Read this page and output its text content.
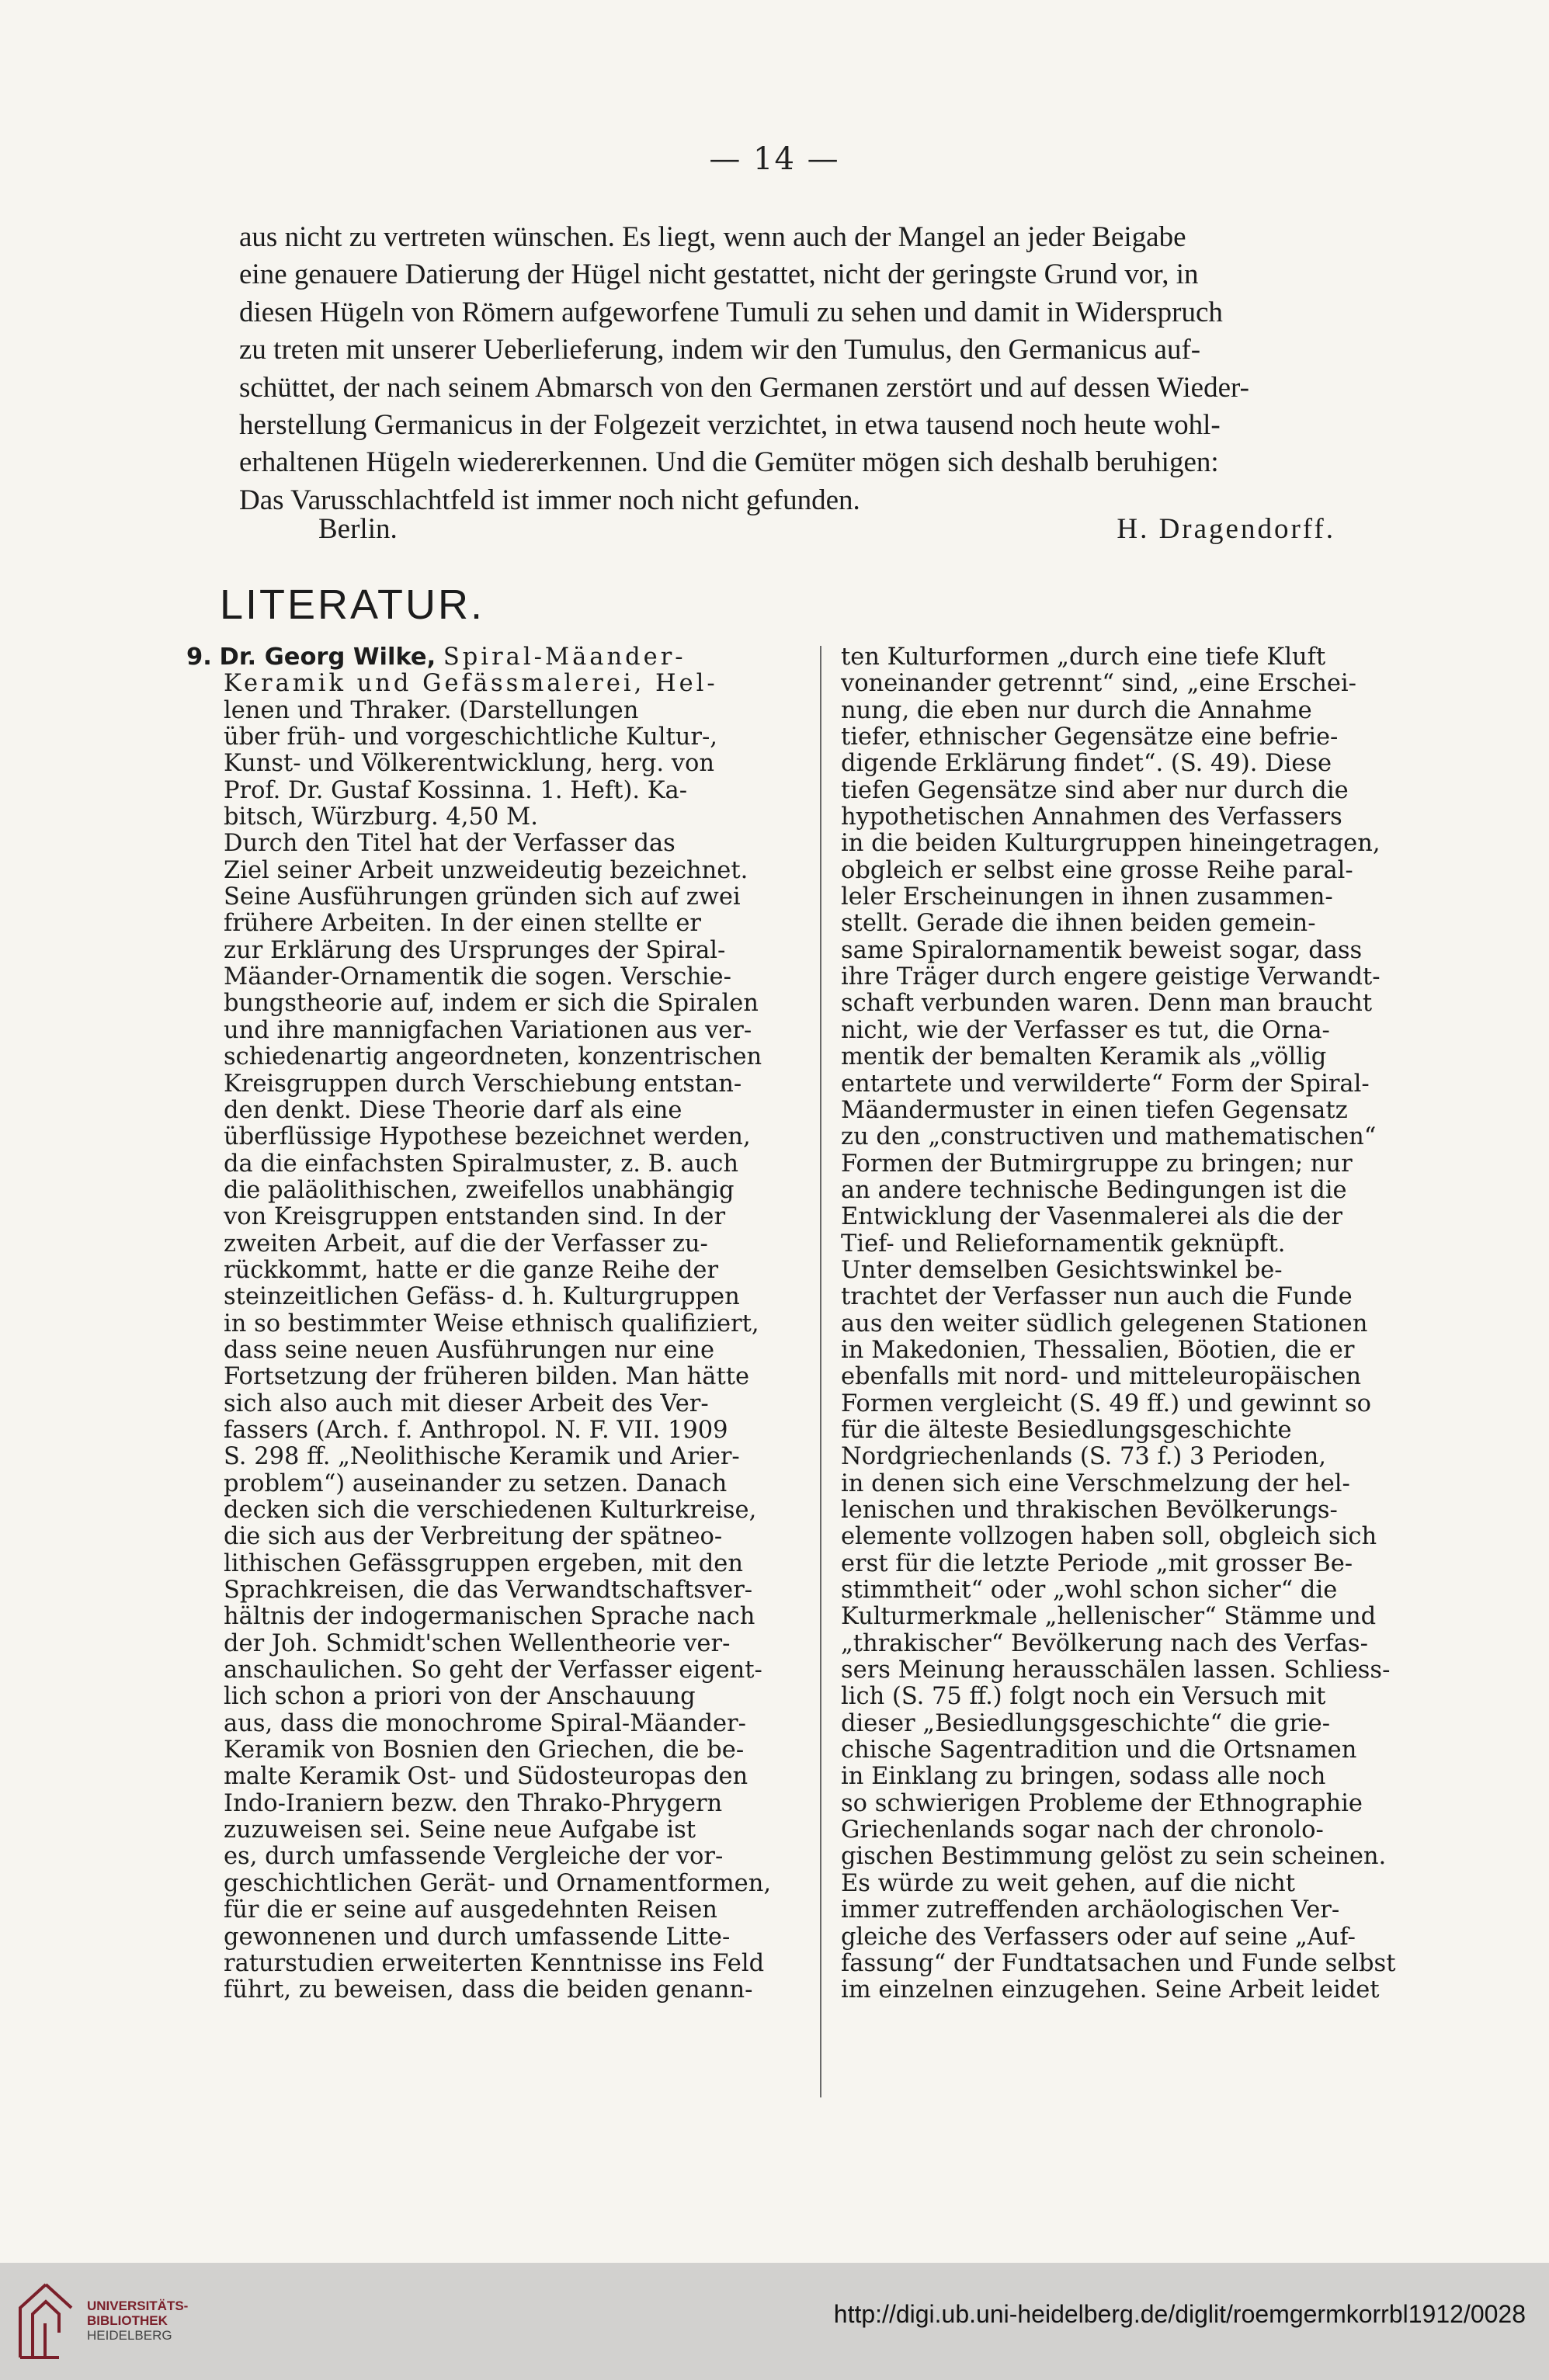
— 14 —
aus nicht zu vertreten wünschen. Es liegt, wenn auch der Mangel an jeder Beigabe
eine genauere Datierung der Hügel nicht gestattet, nicht der geringste Grund vor, in
diesen Hügeln von Römern aufgeworfene Tumuli zu sehen und damit in Widerspruch
zu treten mit unserer Ueberlieferung, indem wir den Tumulus, den Germanicus auf-
schüttet, der nach seinem Abmarsch von den Germanen zerstört und auf dessen Wieder-
herstellung Germanicus in der Folgezeit verzichtet, in etwa tausend noch heute wohl-
erhaltenen Hügeln wiedererkennen. Und die Gemüter mögen sich deshalb beruhigen:
Das Varusschlachtfeld ist immer noch nicht gefunden.
Berlin.	H. Dragendorff.
LITERATUR.
9. Dr. Georg Wilke, Spiral-Mäander-
Keramik und Gefässmalerei, Hel-
lenen und Thraker. (Darstellungen
über früh- und vorgeschichtliche Kultur-,
Kunst- und Völkerentwicklung, herg. von
Prof. Dr. Gustaf Kossinna. 1. Heft). Ka-
bitsch, Würzburg. 4,50 M.
Durch den Titel hat der Verfasser das
Ziel seiner Arbeit unzweideutig bezeichnet.
Seine Ausführungen gründen sich auf zwei
frühere Arbeiten. In der einen stellte er
zur Erklärung des Ursprunges der Spiral-
Mäander-Ornamentik die sogen. Verschie-
bungstheorie auf, indem er sich die Spiralen
und ihre mannigfachen Variationen aus ver-
schiedenartig angeordneten, konzentrischen
Kreisgruppen durch Verschiebung entstan-
den denkt. Diese Theorie darf als eine
überflüssige Hypothese bezeichnet werden,
da die einfachsten Spiralmuster, z. B. auch
die paläolithischen, zweifellos unabhängig
von Kreisgruppen entstanden sind. In der
zweiten Arbeit, auf die der Verfasser zu-
rückkommt, hatte er die ganze Reihe der
steinzeitlichen Gefäss- d. h. Kulturgruppen
in so bestimmter Weise ethnisch qualifiziert,
dass seine neuen Ausführungen nur eine
Fortsetzung der früheren bilden. Man hätte
sich also auch mit dieser Arbeit des Ver-
fassers (Arch. f. Anthropol. N. F. VII. 1909
S. 298 ff. „Neolithische Keramik und Arier-
problem“) auseinander zu setzen. Danach
decken sich die verschiedenen Kulturkreise,
die sich aus der Verbreitung der spätneo-
lithischen Gefässgruppen ergeben, mit den
Sprachkreisen, die das Verwandtschaftsver-
hältnis der indogermanischen Sprache nach
der Joh. Schmidt'schen Wellentheorie ver-
anschaulichen. So geht der Verfasser eigent-
lich schon a priori von der Anschauung
aus, dass die monochrome Spiral-Mäander-
Keramik von Bosnien den Griechen, die be-
malte Keramik Ost- und Südosteuropas den
Indo-Iraniern bezw. den Thrako-Phrygern
zuzuweisen sei. Seine neue Aufgabe ist
es, durch umfassende Vergleiche der vor-
geschichtlichen Gerät- und Ornamentformen,
für die er seine auf ausgedehnten Reisen
gewonnenen und durch umfassende Litte-
raturstudien erweiterten Kenntnisse ins Feld
führt, zu beweisen, dass die beiden genann-
ten Kulturformen „durch eine tiefe Kluft
voneinander getrennt“ sind, „eine Erschei-
nung, die eben nur durch die Annahme
tiefer, ethnischer Gegensätze eine befrie-
digende Erklärung findet“. (S. 49). Diese
tiefen Gegensätze sind aber nur durch die
hypothetischen Annahmen des Verfassers
in die beiden Kulturgruppen hineingetragen,
obgleich er selbst eine grosse Reihe paral-
leler Erscheinungen in ihnen zusammen-
stellt. Gerade die ihnen beiden gemein-
same Spiralornamentik beweist sogar, dass
ihre Träger durch engere geistige Verwandt-
schaft verbunden waren. Denn man braucht
nicht, wie der Verfasser es tut, die Orna-
mentik der bemalten Keramik als „völlig
entartete und verwilderte“ Form der Spiral-
Mäandermuster in einen tiefen Gegensatz
zu den „constructiven und mathematischen“
Formen der Butmirgruppe zu bringen; nur
an andere technische Bedingungen ist die
Entwicklung der Vasenmalerei als die der
Tief- und Reliefornamentik geknüpft.
Unter demselben Gesichtswinkel be-
trachtet der Verfasser nun auch die Funde
aus den weiter südlich gelegenen Stationen
in Makedonien, Thessalien, Böotien, die er
ebenfalls mit nord- und mitteleuropäischen
Formen vergleicht (S. 49 ff.) und gewinnt so
für die älteste Besiedlungsgeschichte
Nordgriechenlands (S. 73 f.) 3 Perioden,
in denen sich eine Verschmelzung der hel-
lenischen und thrakischen Bevölkerungs-
elemente vollzogen haben soll, obgleich sich
erst für die letzte Periode „mit grosser Be-
stimmtheit“ oder „wohl schon sicher“ die
Kulturmerkmale „hellenischer“ Stämme und
„thrakischer“ Bevölkerung nach des Verfas-
sers Meinung herausschälen lassen. Schliess-
lich (S. 75 ff.) folgt noch ein Versuch mit
dieser „Besiedlungsgeschichte“ die grie-
chische Sagentradition und die Ortsnamen
in Einklang zu bringen, sodass alle noch
so schwierigen Probleme der Ethnographie
Griechenlands sogar nach der chronolo-
gischen Bestimmung gelöst zu sein scheinen.
Es würde zu weit gehen, auf die nicht
immer zutreffenden archäologischen Ver-
gleiche des Verfassers oder auf seine „Auf-
fassung“ der Fundtatsachen und Funde selbst
im einzelnen einzugehen. Seine Arbeit leidet
UNIVERSITÄTS-
BIBLIOTHEK
HEIDELBERG
http://digi.ub.uni-heidelberg.de/diglit/roemgermkorrbl1912/0028
